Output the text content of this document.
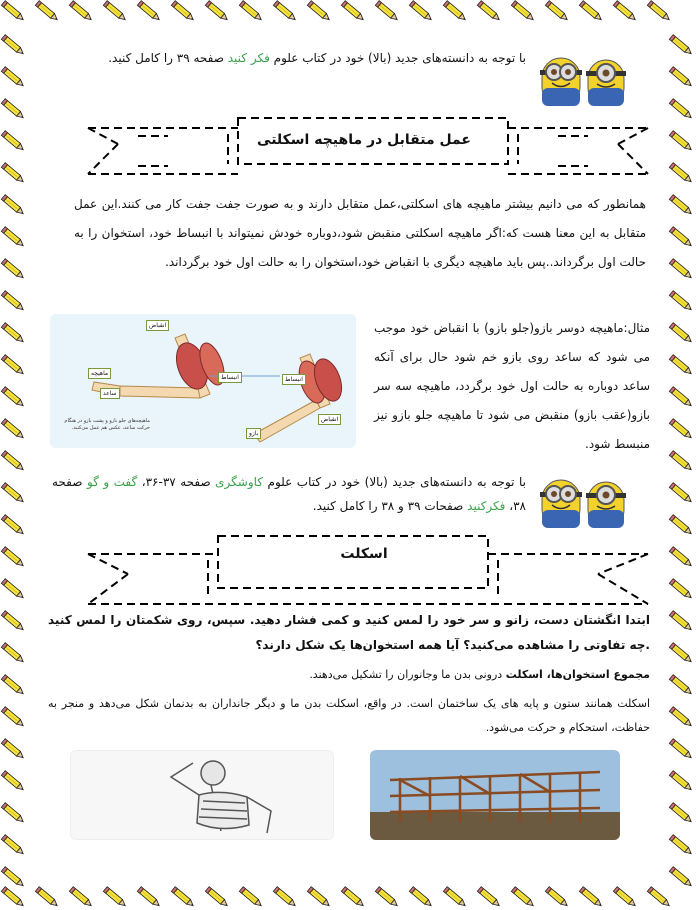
با توجه به دانسته‌های جدید (بالا) خود در کتاب علوم فکر کنید صفحه ۳۹ را کامل کنید.
عمل متقابل در ماهیچه اسکلتی
همانطور که می دانیم بیشتر ماهیچه های اسکلتی،عمل متقابل دارند و به صورت جفت جفت کار می کنند.این عمل متقابل به این معنا هست که:اگر ماهیچه اسکلتی منقبض شود،دوباره خودش نمیتواند با انبساط خود، استخوان را به حالت اول برگرداند..پس باید ماهیچه دیگری با انقباض خود،استخوان را به حالت اول خود برگرداند.
انقباض
انبساط	انبساط
انقباض
ساعد
بازو
ماهیچه
ماهیچه‌های جلو بازو و پشت بازو در هنگام حرکت ساعد، عکس هم عمل می‌کنند.
مثال:ماهیچه دوسر بازو(جلو بازو) با انقباض خود موجب می شود که ساعد روی بازو خم شود حال برای آنکه ساعد دوباره به حالت اول خود برگردد، ماهیچه سه سر بازو(عقب بازو) منقبض می شود تا ماهیچه جلو بازو نیز منبسط شود.
با توجه به دانسته‌های جدید (بالا) خود در کتاب علوم کاوشگری صفحه ۳۷-۳۶، گفت و گو صفحه ۳۸، فکرکنید صفحات ۳۹ و ۳۸ را کامل کنید.
اسکلت
ابتدا انگشتان دست، زانو و سر خود را لمس کنید و کمی فشار دهید. سپس، روی شکمتان را لمس کنید .چه تفاوتی را مشاهده می‌کنید؟ آیا همه استخوان‌ها یک شکل دارند؟
مجموع استخوان‌ها، اسکلت درونی بدن ما وجانوران را تشکیل می‌دهند.
اسکلت همانند ستون و پایه های یک ساختمان است. در واقع، اسکلت بدن ما و دیگر جانداران به بدنمان شکل می‌دهد و منجر به حفاظت، استحکام و حرکت می‌شود.
